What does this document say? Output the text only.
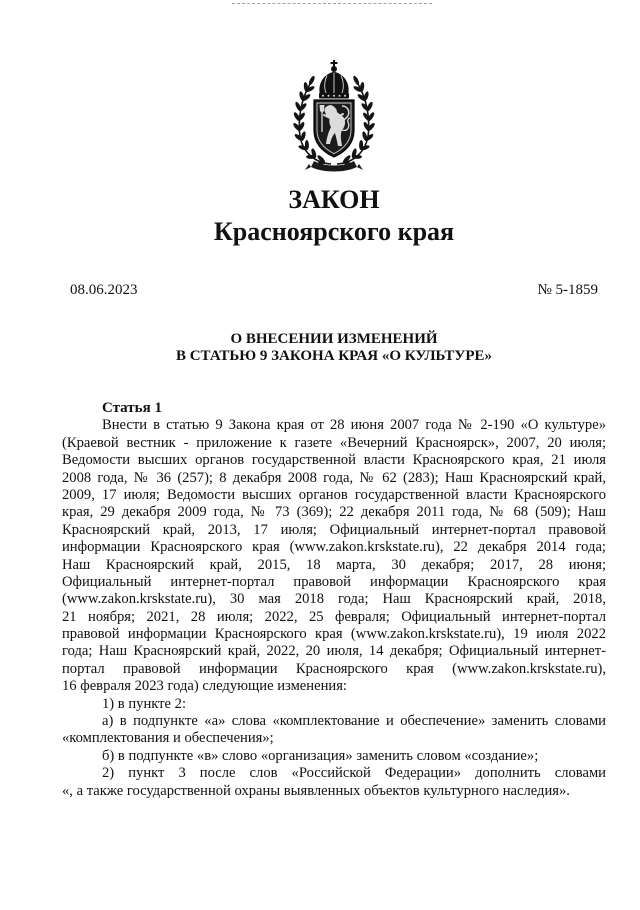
ЗАКОН
Красноярского края
08.06.2023	№ 5-1859
О ВНЕСЕНИИ ИЗМЕНЕНИЙ
В СТАТЬЮ 9 ЗАКОНА КРАЯ «О КУЛЬТУРЕ»
Статья 1
Внести в статью 9 Закона края от 28 июня 2007 года № 2-190 «О культуре»
(Краевой вестник - приложение к газете «Вечерний Красноярск», 2007, 20 июля;
Ведомости высших органов государственной власти Красноярского края, 21 июля
2008 года, № 36 (257); 8 декабря 2008 года, № 62 (283); Наш Красноярский край,
2009, 17 июля; Ведомости высших органов государственной власти Красноярского
края, 29 декабря 2009 года, № 73 (369); 22 декабря 2011 года, № 68 (509); Наш
Красноярский край, 2013, 17 июля; Официальный интернет-портал правовой
информации Красноярского края (www.zakon.krskstate.ru), 22 декабря 2014 года;
Наш Красноярский край, 2015, 18 марта, 30 декабря; 2017, 28 июня;
Официальный интернет-портал правовой информации Красноярского края
(www.zakon.krskstate.ru), 30 мая 2018 года; Наш Красноярский край, 2018,
21 ноября; 2021, 28 июля; 2022, 25 февраля; Официальный интернет-портал
правовой информации Красноярского края (www.zakon.krskstate.ru), 19 июля 2022
года; Наш Красноярский край, 2022, 20 июля, 14 декабря; Официальный интернет-
портал правовой информации Красноярского края (www.zakon.krskstate.ru),
16 февраля 2023 года) следующие изменения:
1) в пункте 2:
а) в подпункте «а» слова «комплектование и обеспечение» заменить словами
«комплектования и обеспечения»;
б) в подпункте «в» слово «организация» заменить словом «создание»;
2) пункт 3 после слов «Российской Федерации» дополнить словами
«, а также государственной охраны выявленных объектов культурного наследия».
